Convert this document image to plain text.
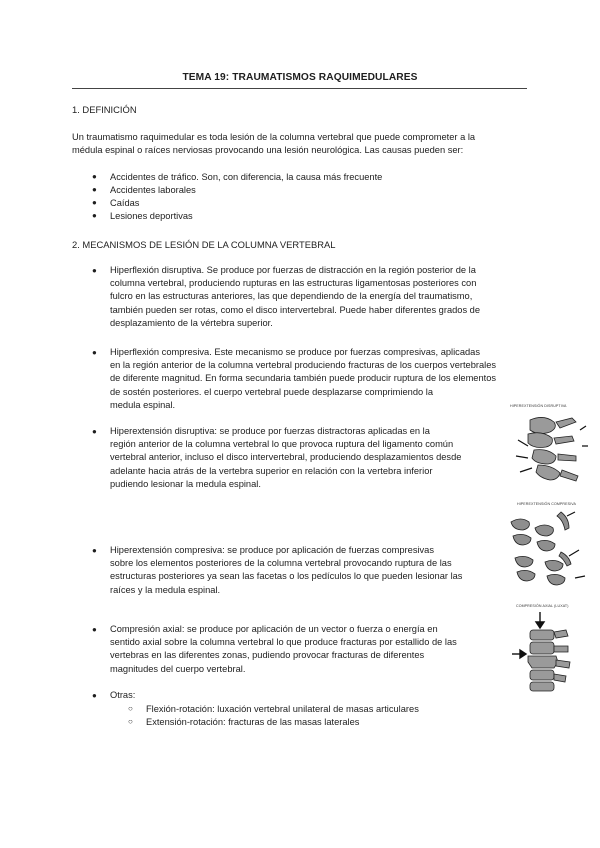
TEMA 19: TRAUMATISMOS RAQUIMEDULARES
1. DEFINICIÓN
Un traumatismo raquimedular es toda lesión de la columna vertebral que puede comprometer a la
médula espinal o raíces nerviosas provocando una lesión neurológica. Las causas pueden ser:
● Accidentes de tráfico. Son, con diferencia, la causa más frecuente
● Accidentes laborales
● Caídas
● Lesiones deportivas
2. MECANISMOS DE LESIÓN DE LA COLUMNA VERTEBRAL
● Hiperflexión disruptiva. Se produce por fuerzas de distracción en la región posterior de la
columna vertebral, produciendo rupturas en las estructuras ligamentosas posteriores con
fulcro en las estructuras anteriores, las que dependiendo de la energía del traumatismo,
también pueden ser rotas, como el disco intervertebral. Puede haber diferentes grados de
desplazamiento de la vértebra superior.
● Hiperflexión compresiva. Este mecanismo se produce por fuerzas compresivas, aplicadas
en la región anterior de la columna vertebral produciendo fracturas de los cuerpos vertebrales
de diferente magnitud. En forma secundaria también puede producir ruptura de los elementos
de sostén posteriores. el cuerpo vertebral puede desplazarse comprimiendo la
medula espinal.
● Hiperextensión disruptiva: se produce por fuerzas distractoras aplicadas en la
región anterior de la columna vertebral lo que provoca ruptura del ligamento común
vertebral anterior, incluso el disco intervertebral, produciendo desplazamientos desde
adelante hacia atrás de la vertebra superior en relación con la vertebra inferior
pudiendo lesionar la medula espinal.
● Hiperextensión compresiva: se produce por aplicación de fuerzas compresivas
sobre los elementos posteriores de la columna vertebral provocando ruptura de las
estructuras posteriores ya sean las facetas o los pedículos lo que pueden lesionar las
raíces y la medula espinal.
● Compresión axial: se produce por aplicación de un vector o fuerza o energía en
sentido axial sobre la columna vertebral lo que produce fracturas por estallido de las
vertebras en las diferentes zonas, pudiendo provocar fracturas de diferentes
magnitudes del cuerpo vertebral.
● Otras:
○ Flexión-rotación: luxación vertebral unilateral de masas articulares
○ Extensión-rotación: fracturas de las masas laterales
HIPEREXTENSIÓN DISRUPTIVA
HIPEREXTENSIÓN COMPRESIVA
COMPRESIÓN AXIAL (LUXAT)
